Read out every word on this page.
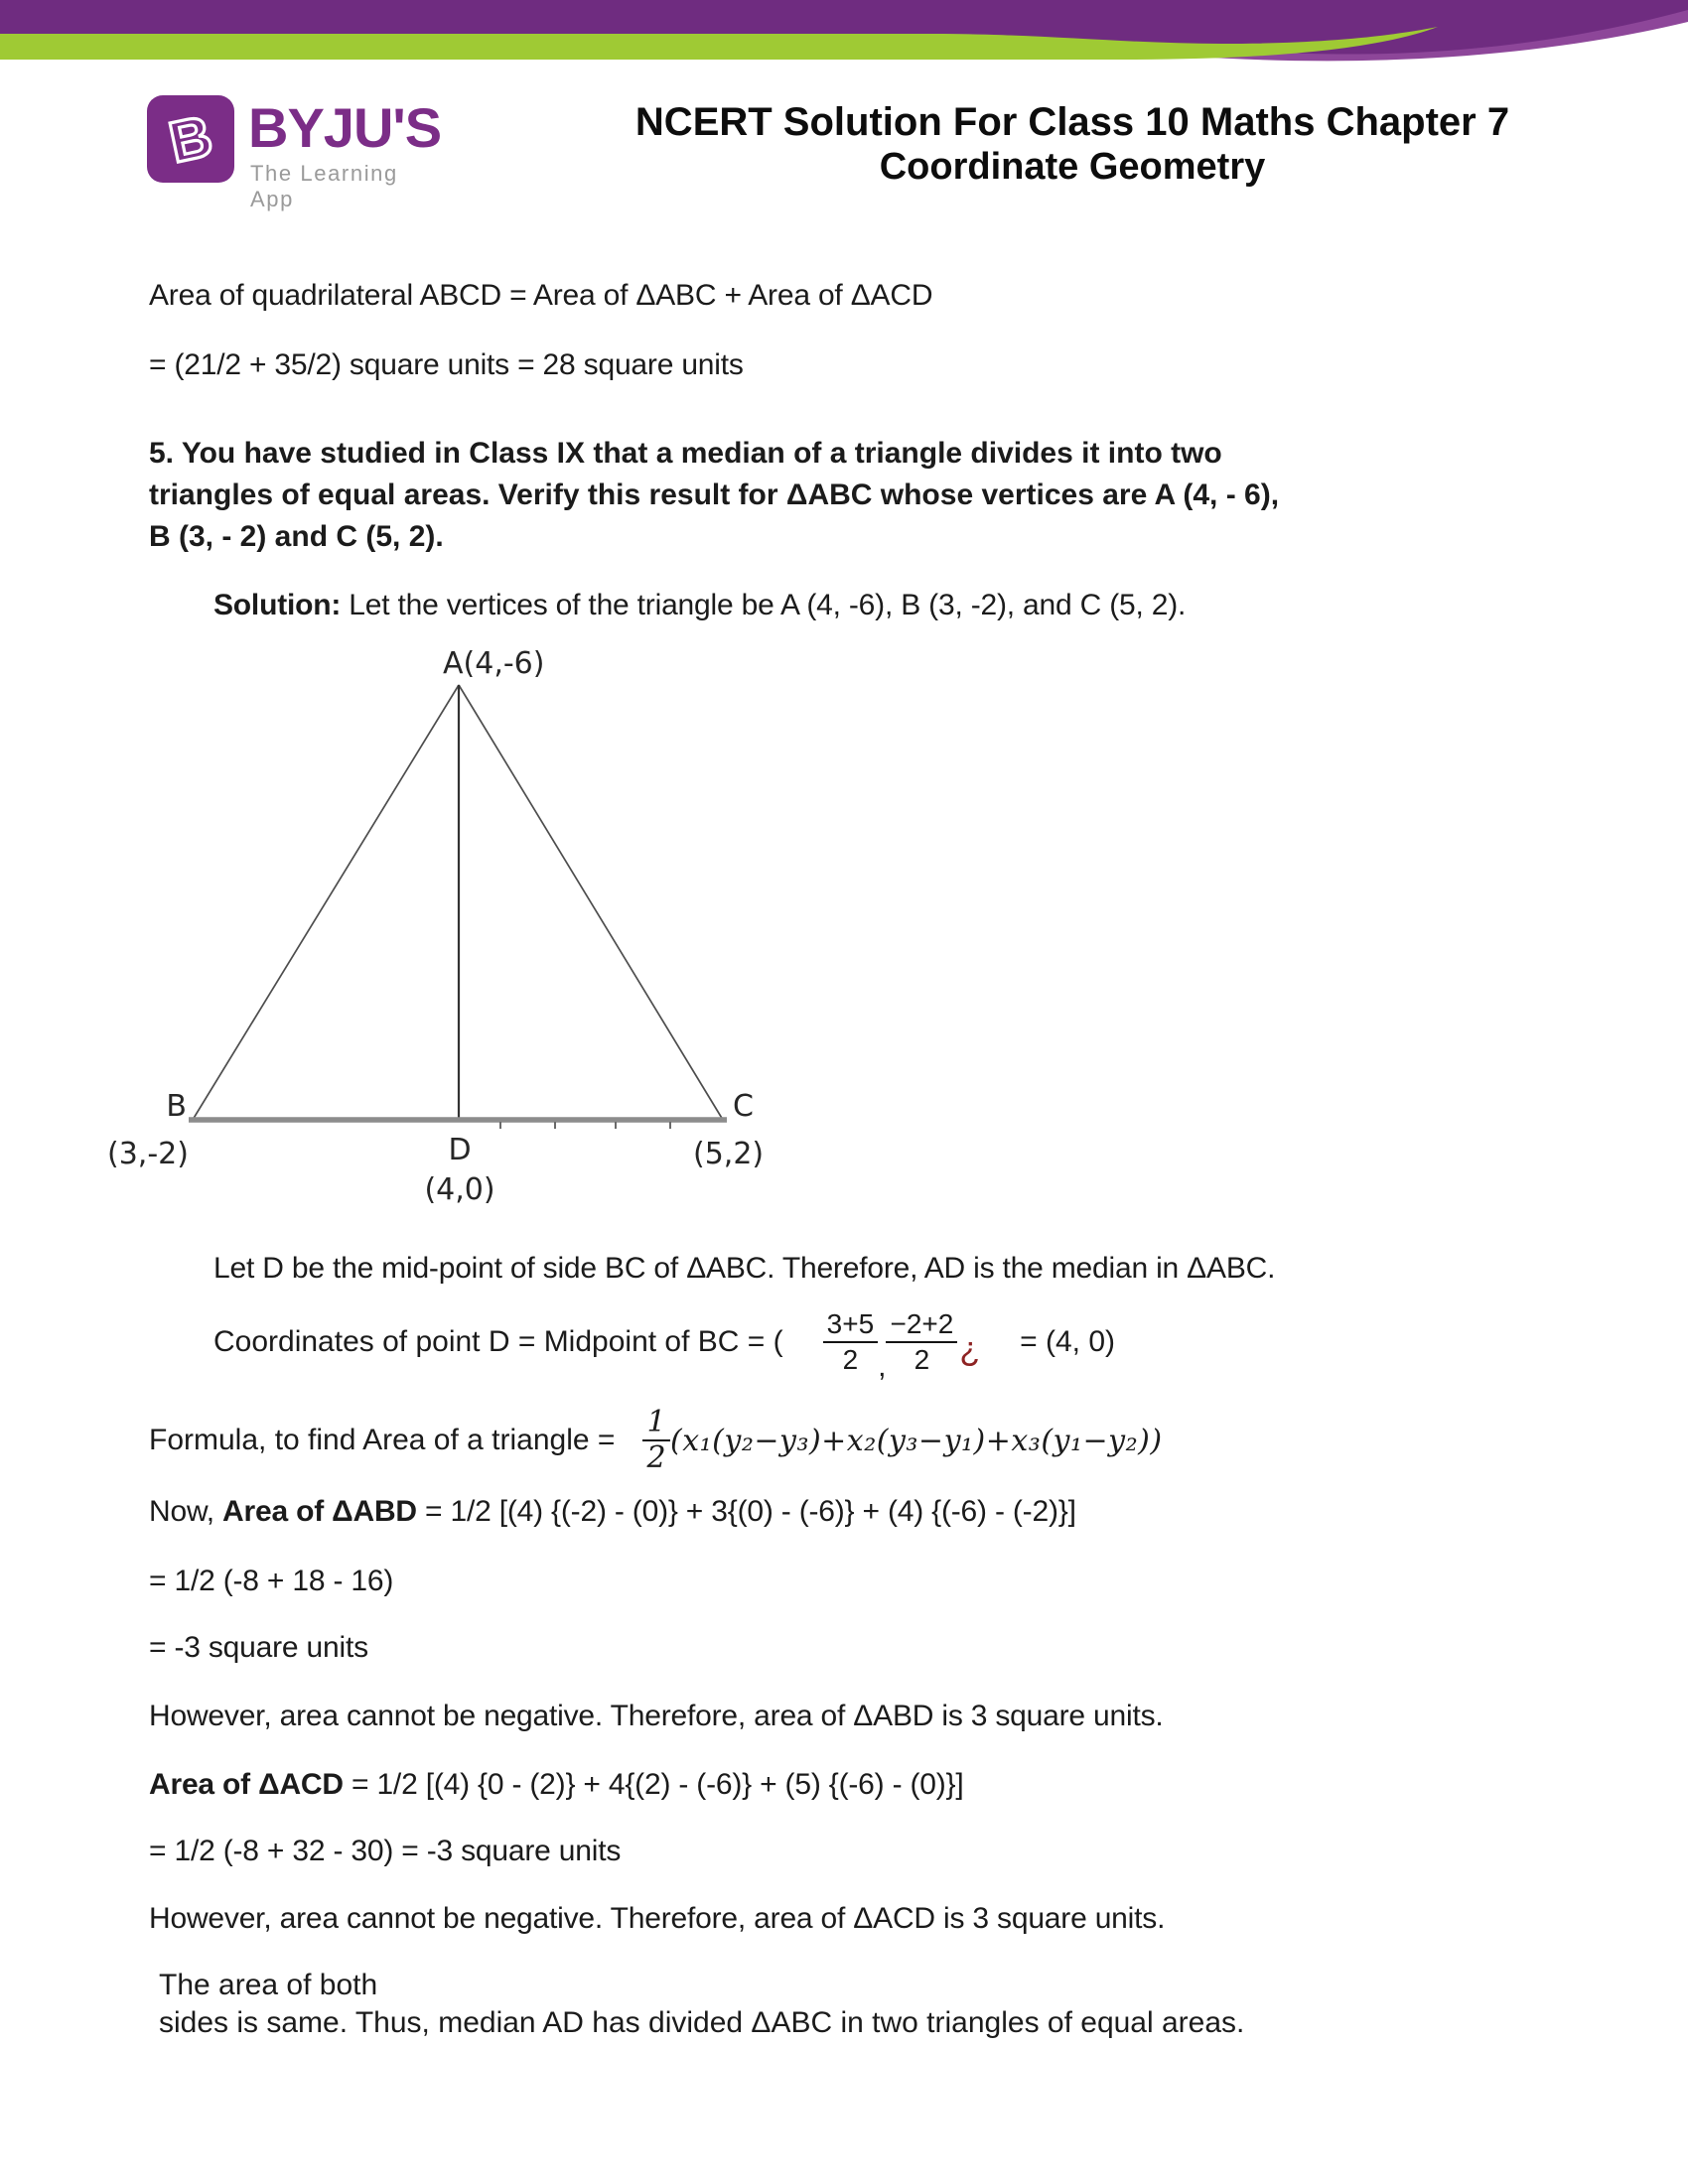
B BYJU'S
The Learning App
NCERT Solution For Class 10 Maths Chapter 7
Coordinate Geometry
Area of quadrilateral ABCD = Area of ΔABC + Area of ΔACD
= (21/2 + 35/2) square units = 28 square units
5. You have studied in Class IX that a median of a triangle divides it into two
triangles of equal areas. Verify this result for ΔABC whose vertices are A (4, - 6),
B (3, - 2) and C (5, 2).
Solution: Let the vertices of the triangle be A (4, -6), B (3, -2), and C (5, 2).
A(4,-6)
B
(3,-2)
C
(5,2)
D
(4,0)
Let D be the mid-point of side BC of ΔABC. Therefore, AD is the median in ΔABC.
Coordinates of point D = Midpoint of BC = ( $\frac{3+5}{2}$ , $\frac{-2+2}{2}$ ¿ = (4, 0)
Formula, to find Area of a triangle = $\frac{1}{2} (x_1(y_2-y_3)+x_2(y_3-y_1)+x_3(y_1-y_2))$
Now, Area of ΔABD = 1/2 [(4) {(-2) - (0)} + 3{(0) - (-6)} + (4) {(-6) - (-2)}]
= 1/2 (-8 + 18 - 16)
= -3 square units
However, area cannot be negative. Therefore, area of ΔABD is 3 square units.
Area of ΔACD = 1/2 [(4) {0 - (2)} + 4{(2) - (-6)} + (5) {(-6) - (0)}]
= 1/2 (-8 + 32 - 30) = -3 square units
However, area cannot be negative. Therefore, area of ΔACD is 3 square units.
The area of both
sides is same. Thus, median AD has divided ΔABC in two triangles of equal areas.
